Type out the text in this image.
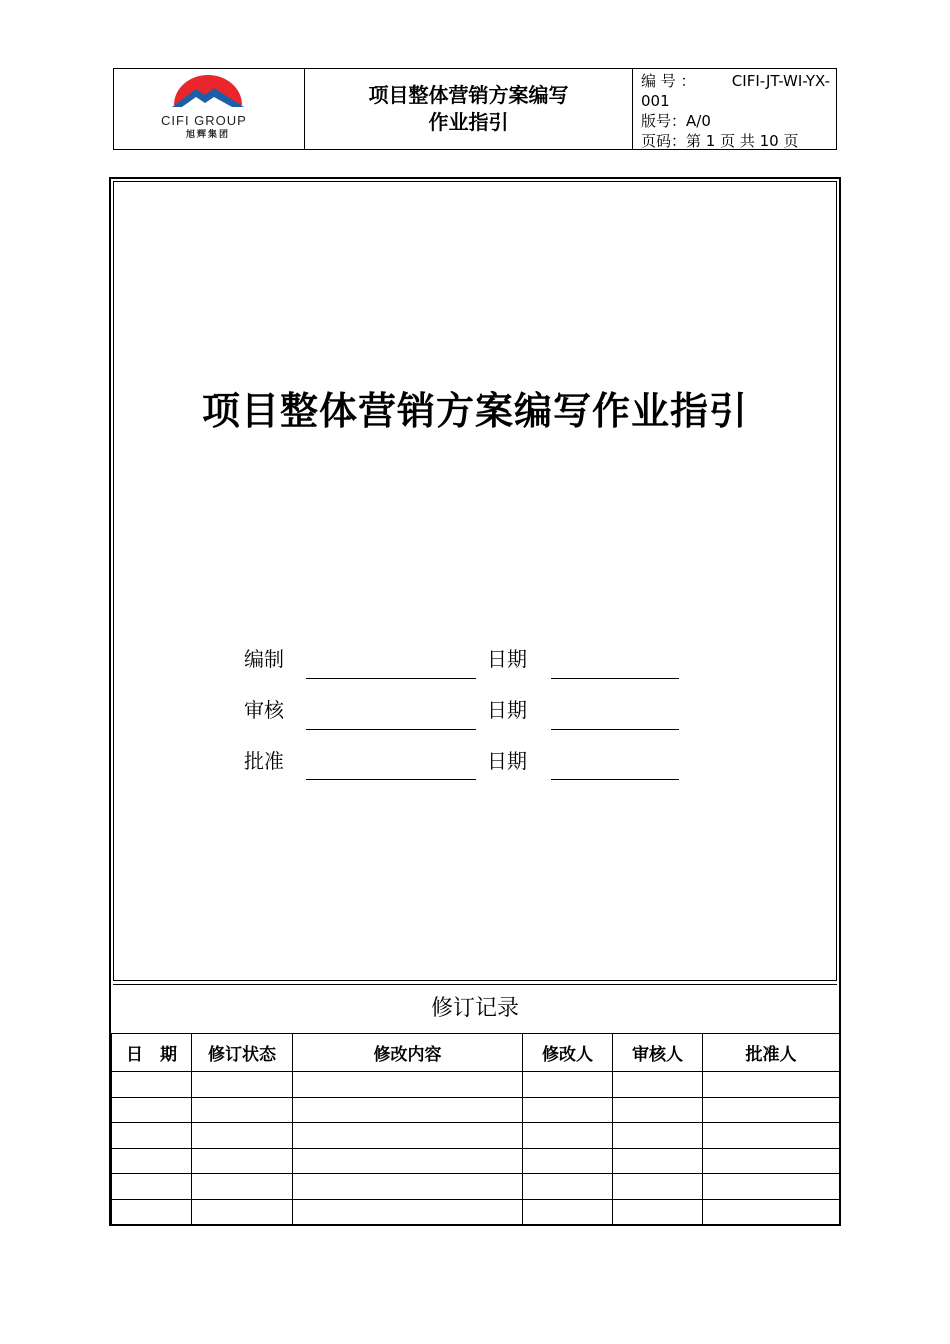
CIFI GROUP
旭辉集团
项目整体营销方案编写
作业指引
编 号 ： CIFI-JT-WI-YX-
001
版号：A/0
页码：第 1 页 共 10 页
项目整体营销方案编写作业指引
编制	日期
审核	日期
批准	日期
修订记录
日　期	修订状态	修改内容	修改人	审核人	批准人
